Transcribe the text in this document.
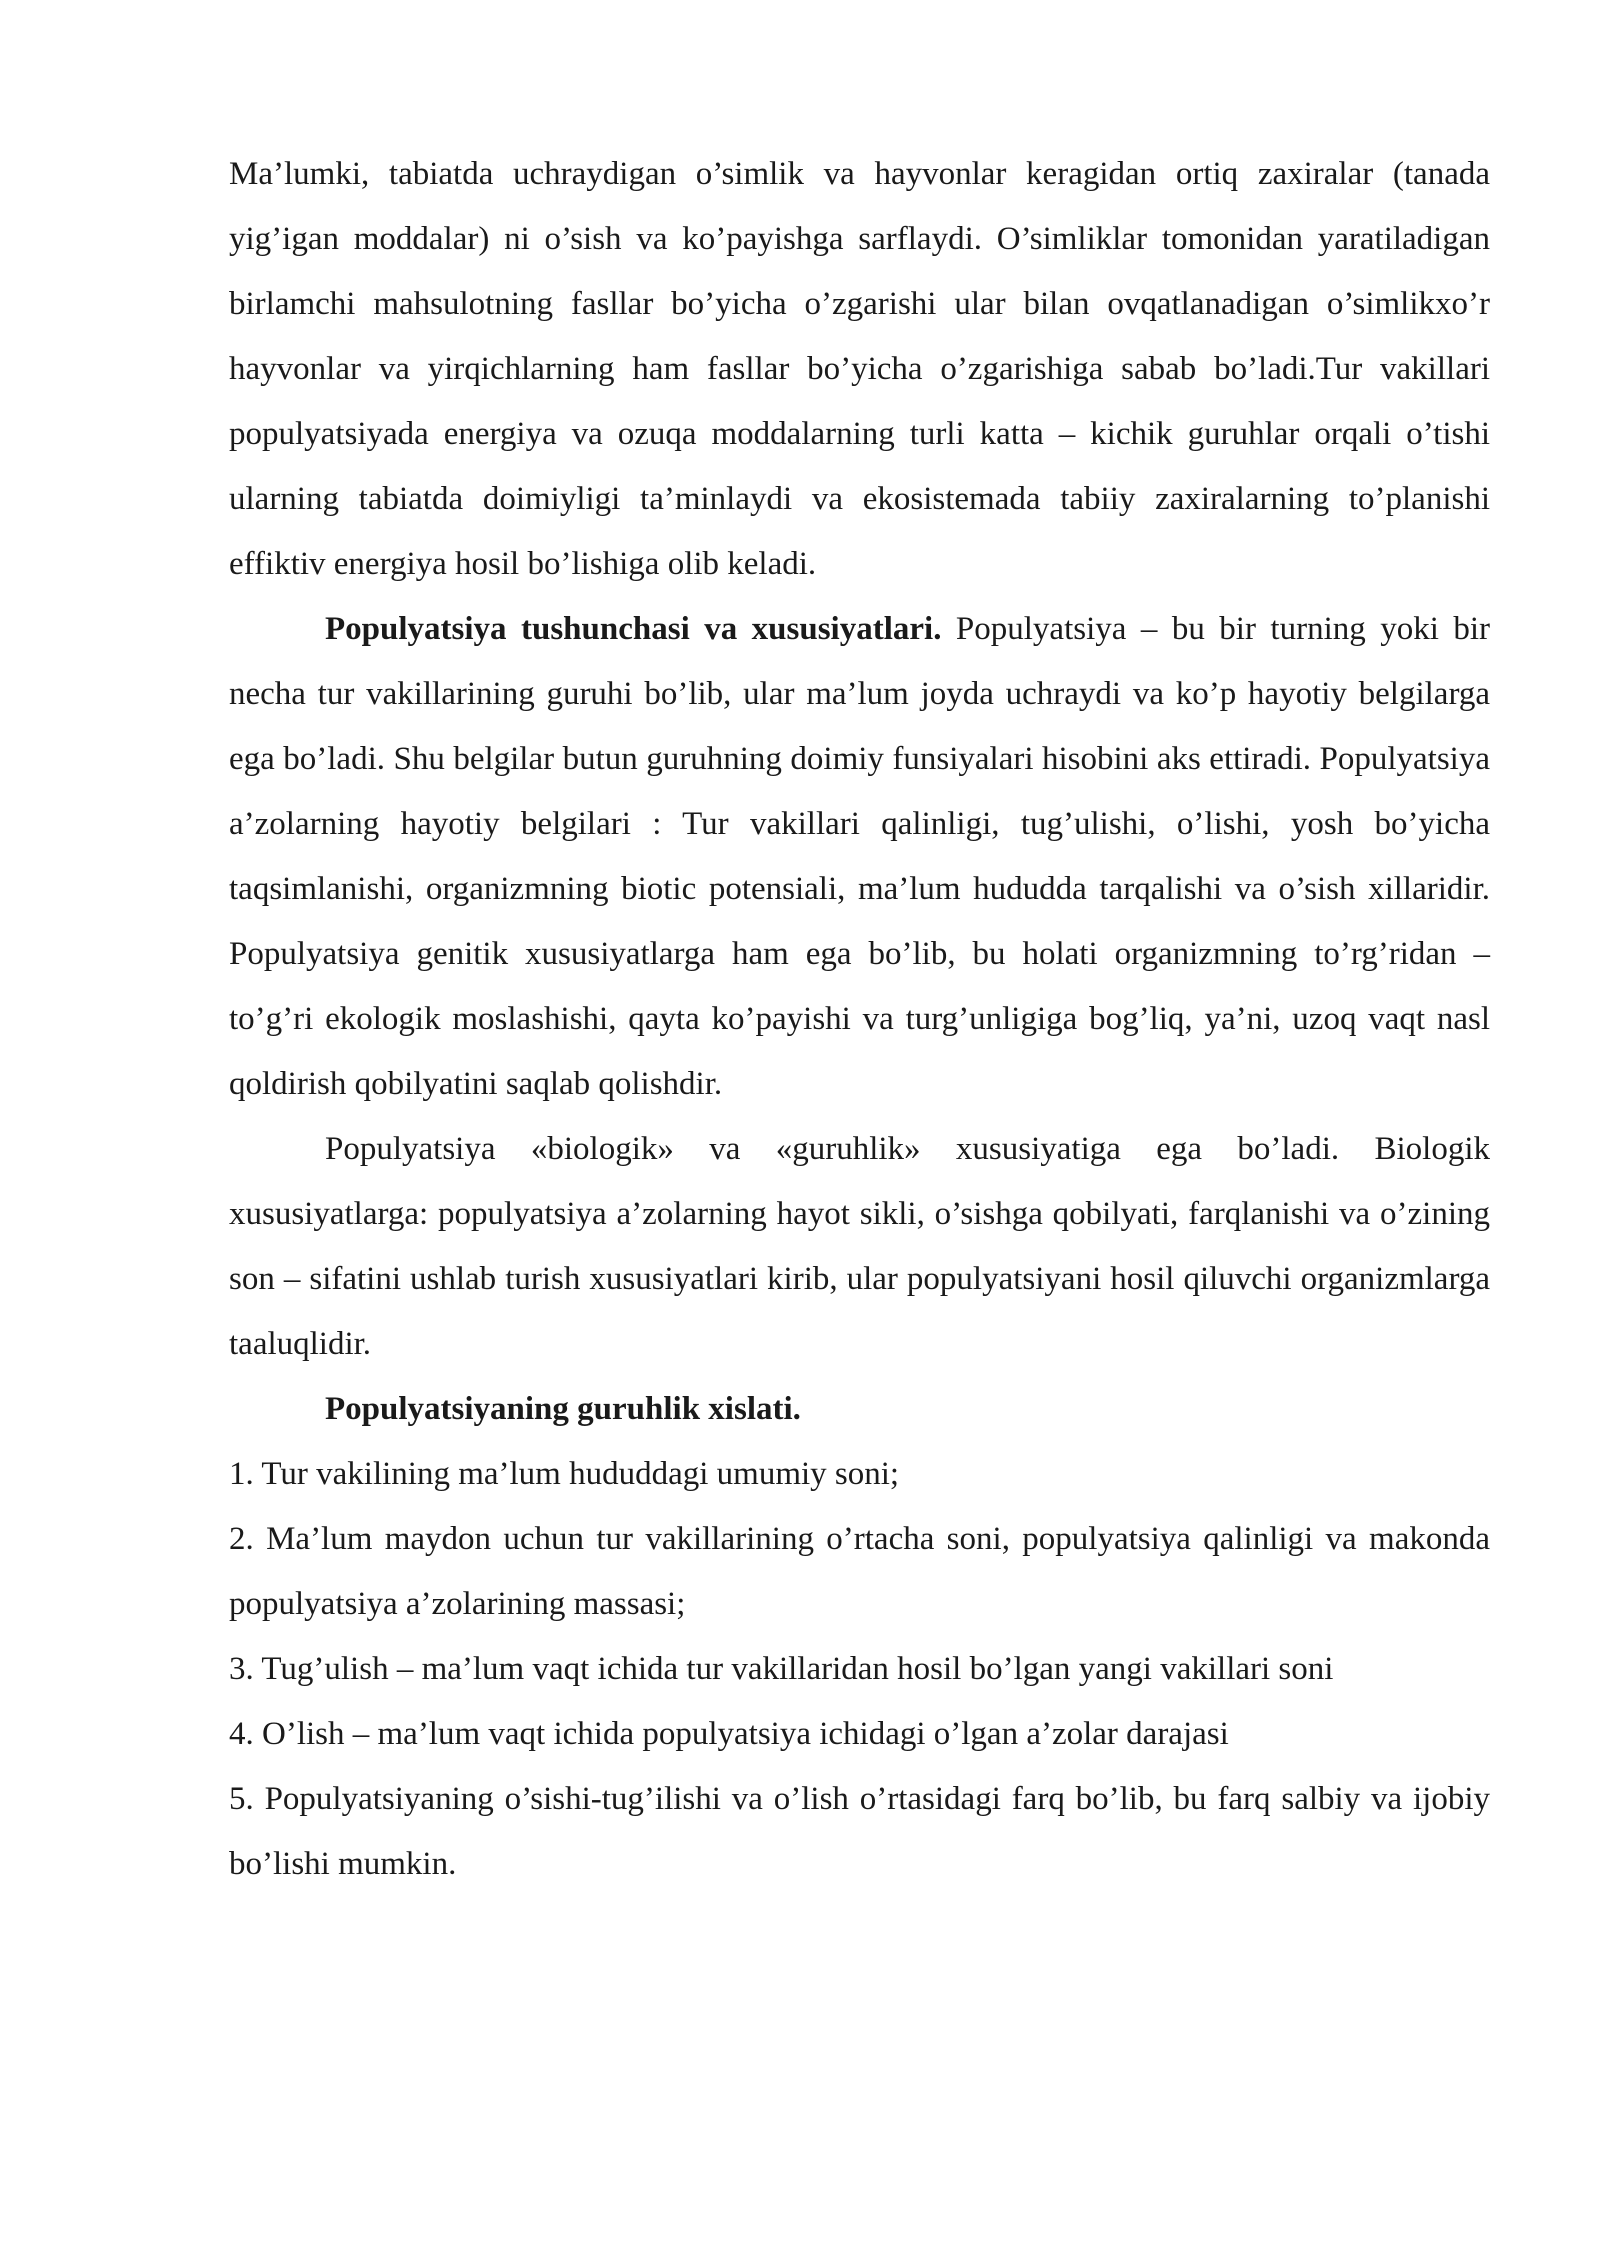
Ma’lumki, tabiatda uchraydigan o’simlik va hayvonlar keragidan ortiq zaxiralar (tanada yig’igan moddalar) ni o’sish va ko’payishga sarflaydi. O’simliklar tomonidan yaratiladigan birlamchi mahsulotning fasllar bo’yicha o’zgarishi ular bilan ovqatlanadigan o’simlikxo’r hayvonlar va yirqichlarning ham fasllar bo’yicha o’zgarishiga sabab bo’ladi.Tur vakillari populyatsiyada energiya va ozuqa moddalarning turli katta – kichik guruhlar orqali o’tishi ularning tabiatda doimiyligi ta’minlaydi va ekosistemada tabiiy zaxiralarning to’planishi effiktiv energiya hosil bo’lishiga olib keladi.

Populyatsiya tushunchasi va xususiyatlari. Populyatsiya – bu bir turning yoki bir necha tur vakillarining guruhi bo’lib, ular ma’lum joyda uchraydi va ko’p hayotiy belgilarga ega bo’ladi. Shu belgilar butun guruhning doimiy funsiyalari hisobini aks ettiradi. Populyatsiya a’zolarning hayotiy belgilari : Tur vakillari qalinligi, tug’ulishi, o’lishi, yosh bo’yicha taqsimlanishi, organizmning biotic potensiali, ma’lum hududda tarqalishi va o’sish xillaridir. Populyatsiya genitik xususiyatlarga ham ega bo’lib, bu holati organizmning to’rg’ridan – to’g’ri ekologik moslashishi, qayta ko’payishi va turg’unligiga bog’liq, ya’ni, uzoq vaqt nasl qoldirish qobilyatini saqlab qolishdir.

Populyatsiya «biologik» va «guruhlik» xususiyatiga ega bo’ladi. Biologik xususiyatlarga: populyatsiya a’zolarning hayot sikli, o’sishga qobilyati, farqlanishi va o’zining son – sifatini ushlab turish xususiyatlari kirib, ular populyatsiyani hosil qiluvchi organizmlarga taaluqlidir.

Populyatsiyaning guruhlik xislati.

1. Tur vakilining ma’lum hududdagi umumiy soni;

2. Ma’lum maydon uchun tur vakillarining o’rtacha soni, populyatsiya qalinligi va makonda populyatsiya a’zolarining massasi;

3. Tug’ulish – ma’lum vaqt ichida tur vakillaridan hosil bo’lgan yangi vakillari soni

4. O’lish – ma’lum vaqt ichida populyatsiya ichidagi o’lgan a’zolar darajasi

5. Populyatsiyaning o’sishi-tug’ilishi va o’lish o’rtasidagi farq bo’lib, bu farq salbiy va ijobiy bo’lishi mumkin.
